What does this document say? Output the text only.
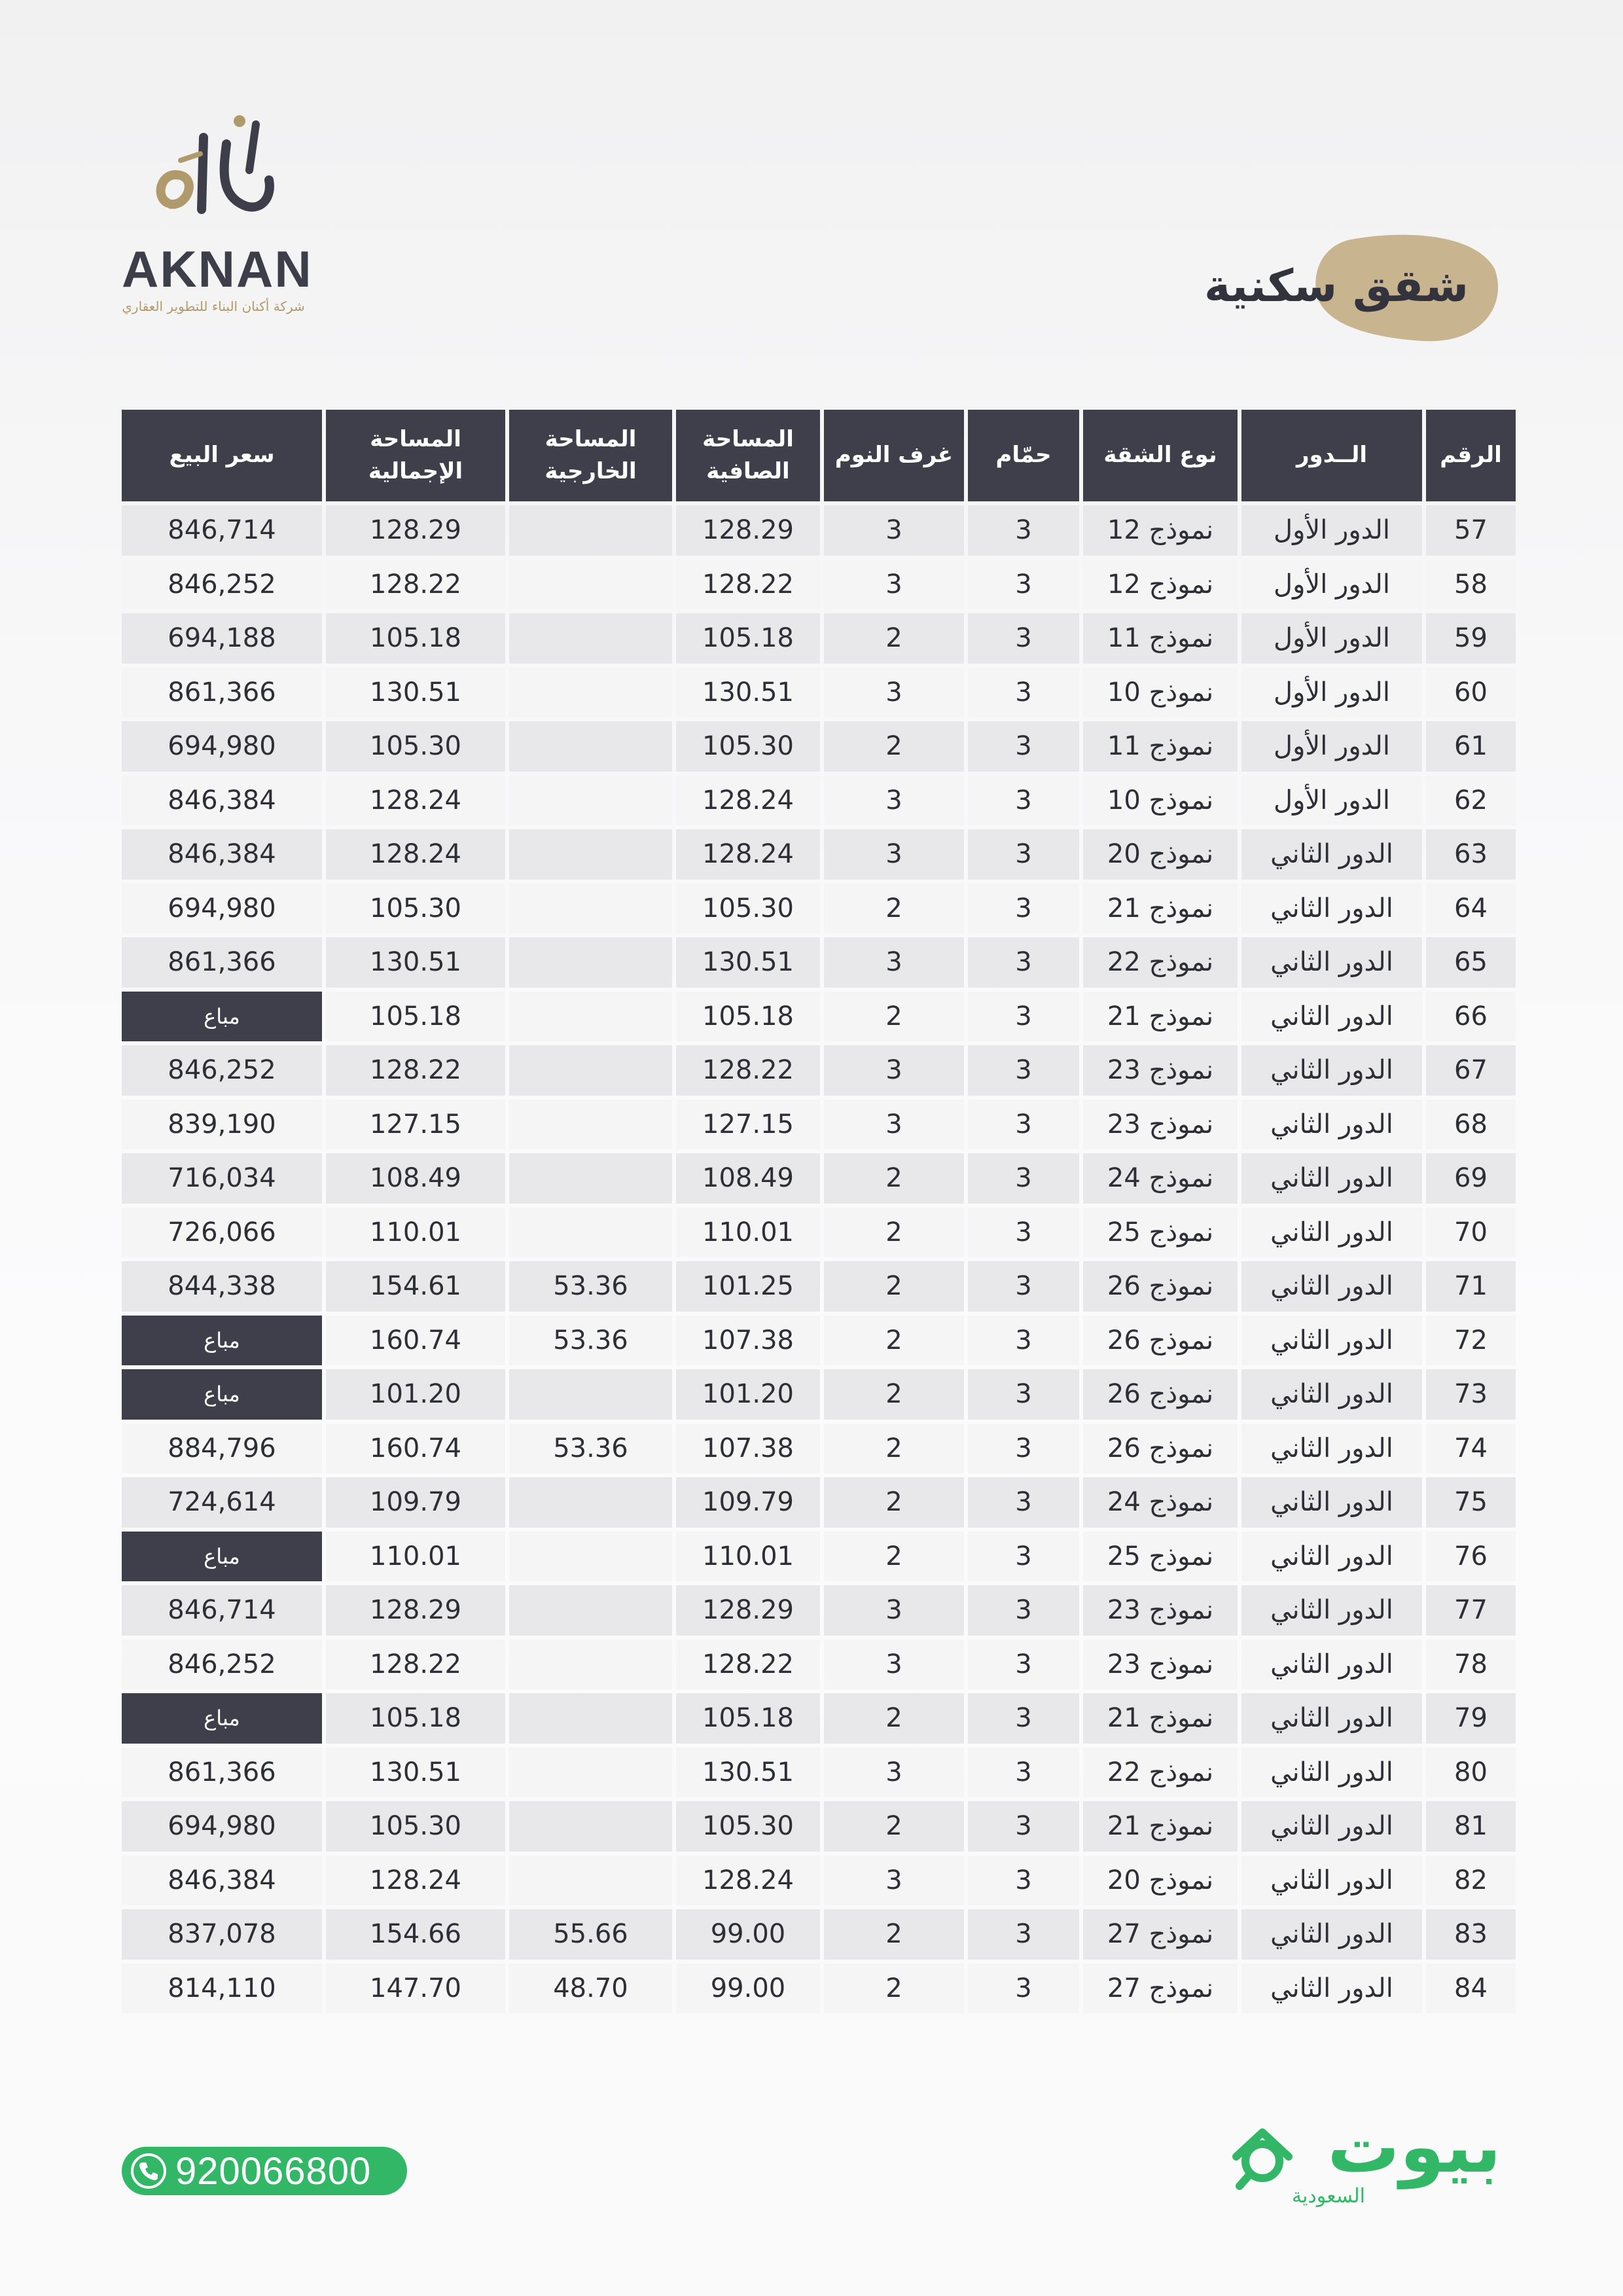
AKNAN
شركة أكنان البناء للتطوير العقاري	شقق سكنية
الرقم	الــدور	نوع الشقة	حمّام	غرف النوم	المساحة الصافية	المساحة الخارجية	المساحة الإجمالية	سعر البيع
57	الدور الأول	نموذج 12	3	3	128.29		128.29	846,714
58	الدور الأول	نموذج 12	3	3	128.22		128.22	846,252
59	الدور الأول	نموذج 11	3	2	105.18		105.18	694,188
60	الدور الأول	نموذج 10	3	3	130.51		130.51	861,366
61	الدور الأول	نموذج 11	3	2	105.30		105.30	694,980
62	الدور الأول	نموذج 10	3	3	128.24		128.24	846,384
63	الدور الثاني	نموذج 20	3	3	128.24		128.24	846,384
64	الدور الثاني	نموذج 21	3	2	105.30		105.30	694,980
65	الدور الثاني	نموذج 22	3	3	130.51		130.51	861,366
66	الدور الثاني	نموذج 21	3	2	105.18		105.18	مباع
67	الدور الثاني	نموذج 23	3	3	128.22		128.22	846,252
68	الدور الثاني	نموذج 23	3	3	127.15		127.15	839,190
69	الدور الثاني	نموذج 24	3	2	108.49		108.49	716,034
70	الدور الثاني	نموذج 25	3	2	110.01		110.01	726,066
71	الدور الثاني	نموذج 26	3	2	101.25	53.36	154.61	844,338
72	الدور الثاني	نموذج 26	3	2	107.38	53.36	160.74	مباع
73	الدور الثاني	نموذج 26	3	2	101.20		101.20	مباع
74	الدور الثاني	نموذج 26	3	2	107.38	53.36	160.74	884,796
75	الدور الثاني	نموذج 24	3	2	109.79		109.79	724,614
76	الدور الثاني	نموذج 25	3	2	110.01		110.01	مباع
77	الدور الثاني	نموذج 23	3	3	128.29		128.29	846,714
78	الدور الثاني	نموذج 23	3	3	128.22		128.22	846,252
79	الدور الثاني	نموذج 21	3	2	105.18		105.18	مباع
80	الدور الثاني	نموذج 22	3	3	130.51		130.51	861,366
81	الدور الثاني	نموذج 21	3	2	105.30		105.30	694,980
82	الدور الثاني	نموذج 20	3	3	128.24		128.24	846,384
83	الدور الثاني	نموذج 27	3	2	99.00	55.66	154.66	837,078
84	الدور الثاني	نموذج 27	3	2	99.00	48.70	147.70	814,110
920066800	بيوت
السعودية
